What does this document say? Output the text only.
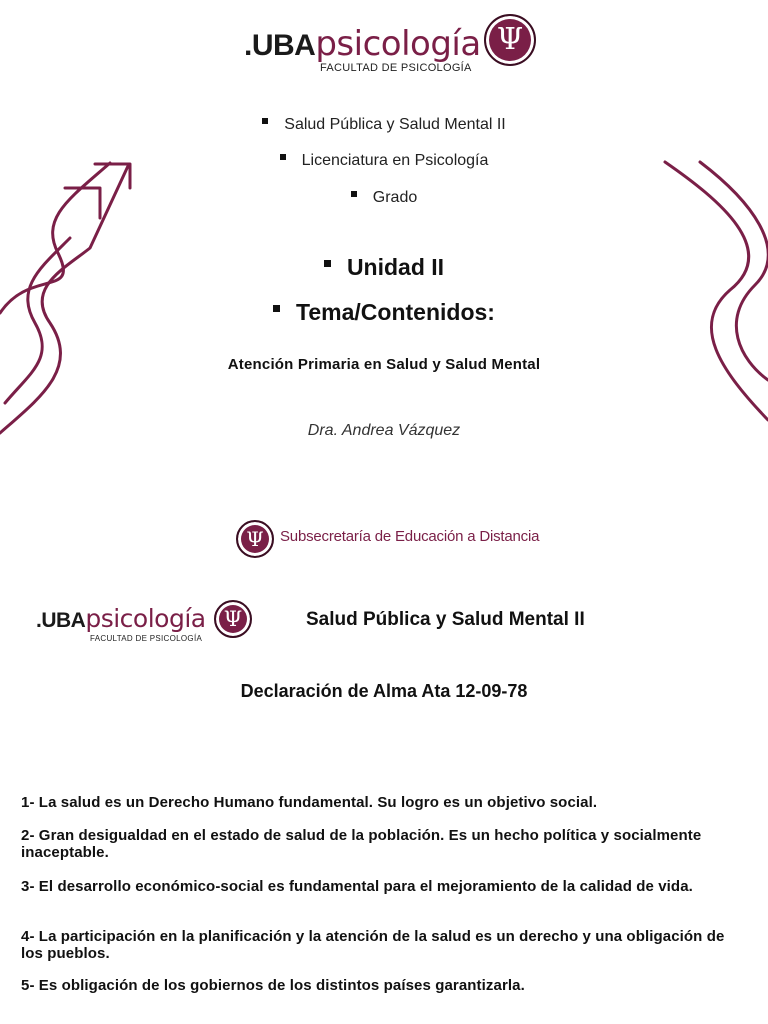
.UBApsicología
FACULTAD DE PSICOLOGÍA
Ψ
Salud Pública y Salud Mental II
Licenciatura en Psicología
Grado
Unidad II
Tema/Contenidos:
Atención Primaria en Salud y Salud Mental
Dra. Andrea Vázquez
Ψ	Subsecretaría de Educación a Distancia
.UBApsicología
FACULTAD DE PSICOLOGÍA
Ψ	Salud Pública y Salud Mental II
Declaración de Alma Ata 12-09-78
1- La salud es un Derecho Humano fundamental. Su logro es un objetivo social.
2- Gran desigualdad en el estado de salud de la población. Es un hecho política y socialmente inaceptable.
3- El desarrollo económico-social es fundamental para el mejoramiento de la calidad de vida.
4- La participación en la planificación y la atención de la salud es un derecho y una obligación de los pueblos.
5- Es obligación de los gobiernos de los distintos países garantizarla.
